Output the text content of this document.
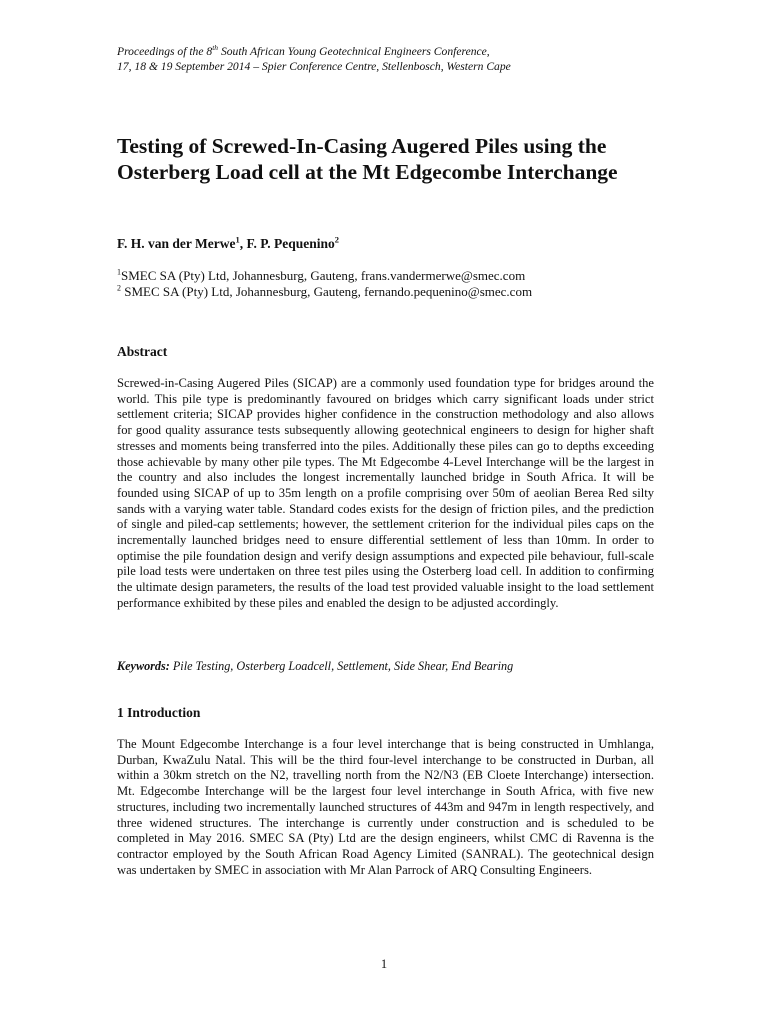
Proceedings of the 8th South African Young Geotechnical Engineers Conference,
17, 18 & 19 September 2014 – Spier Conference Centre, Stellenbosch, Western Cape
Testing of Screwed-In-Casing Augered Piles using the Osterberg Load cell at the Mt Edgecombe Interchange
F. H. van der Merwe$^1$, F. P. Pequenino$^2$
$^1$SMEC SA (Pty) Ltd, Johannesburg, Gauteng, frans.vandermerwe@smec.com
$^2$ SMEC SA (Pty) Ltd, Johannesburg, Gauteng, fernando.pequenino@smec.com
Abstract

Screwed-in-Casing Augered Piles (SICAP) are a commonly used foundation type for bridges around the world. This pile type is predominantly favoured on bridges which carry significant loads under strict settlement criteria; SICAP provides higher confidence in the construction methodology and also allows for good quality assurance tests subsequently allowing geotechnical engineers to design for higher shaft stresses and moments being transferred into the piles. Additionally these piles can go to depths exceeding those achievable by many other pile types. The Mt Edgecombe 4-Level Interchange will be the largest in the country and also includes the longest incrementally launched bridge in South Africa. It will be founded using SICAP of up to 35m length on a profile comprising over 50m of aeolian Berea Red silty sands with a varying water table. Standard codes exists for the design of friction piles, and the prediction of single and piled-cap settlements; however, the settlement criterion for the individual piles caps on the incrementally launched bridges need to ensure differential settlement of less than 10mm. In order to optimise the pile foundation design and verify design assumptions and expected pile behaviour, full-scale pile load tests were undertaken on three test piles using the Osterberg load cell. In addition to confirming the ultimate design parameters, the results of the load test provided valuable insight to the load settlement performance exhibited by these piles and enabled the design to be adjusted accordingly.

Keywords: Pile Testing, Osterberg Loadcell, Settlement, Side Shear, End Bearing
1 Introduction

The Mount Edgecombe Interchange is a four level interchange that is being constructed in Umhlanga, Durban, KwaZulu Natal. This will be the third four-level interchange to be constructed in Durban, all within a 30km stretch on the N2, travelling north from the N2/N3 (EB Cloete Interchange) intersection. Mt. Edgecombe Interchange will be the largest four level interchange in South Africa, with five new structures, including two incrementally launched structures of 443m and 947m in length respectively, and three widened structures. The interchange is currently under construction and is scheduled to be completed in May 2016. SMEC SA (Pty) Ltd are the design engineers, whilst CMC di Ravenna is the contractor employed by the South African Road Agency Limited (SANRAL). The geotechnical design was undertaken by SMEC in association with Mr Alan Parrock of ARQ Consulting Engineers.

1
